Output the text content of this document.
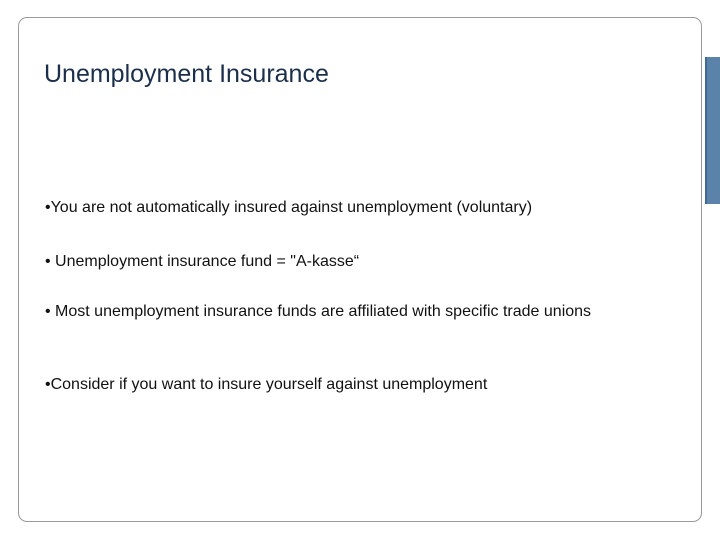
Unemployment Insurance
•You are not automatically insured against unemployment (voluntary)
• Unemployment insurance fund = "A-kasse“
• Most unemployment insurance funds are affiliated with specific trade unions
•Consider if you want to insure yourself against unemployment
